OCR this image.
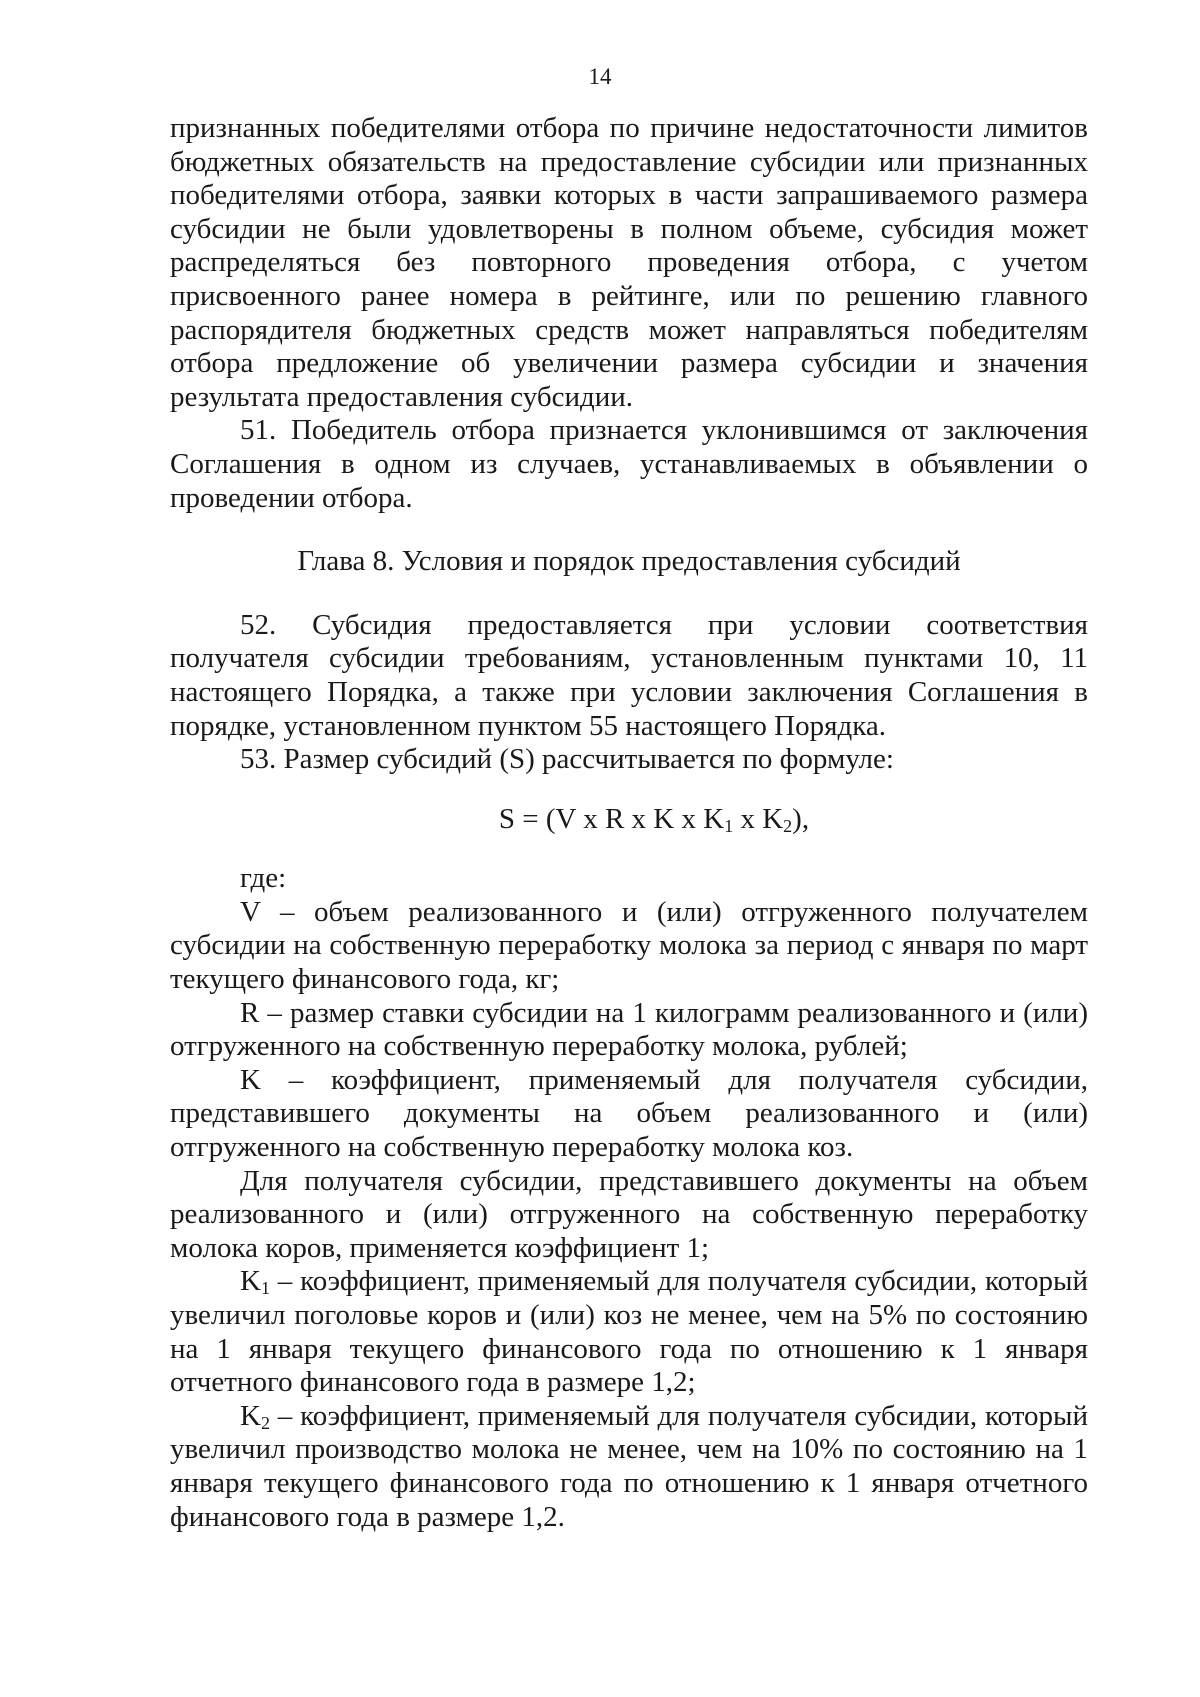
14

признанных победителями отбора по причине недостаточности лимитов бюджетных обязательств на предоставление субсидии или признанных победителями отбора, заявки которых в части запрашиваемого размера субсидии не были удовлетворены в полном объеме, субсидия может распределяться без повторного проведения отбора, с учетом присвоенного ранее номера в рейтинге, или по решению главного распорядителя бюджетных средств может направляться победителям отбора предложение об увеличении размера субсидии и значения результата предоставления субсидии.

51. Победитель отбора признается уклонившимся от заключения Соглашения в одном из случаев, устанавливаемых в объявлении о проведении отбора.

Глава 8. Условия и порядок предоставления субсидий

52. Субсидия предоставляется при условии соответствия получателя субсидии требованиям, установленным пунктами 10, 11 настоящего Порядка, а также при условии заключения Соглашения в порядке, установленном пунктом 55 настоящего Порядка.

53. Размер субсидий (S) рассчитывается по формуле:

S = (V x R x K x $K_1$ x $K_2$),

где:

V – объем реализованного и (или) отгруженного получателем субсидии на собственную переработку молока за период с января по март текущего финансового года, кг;

R – размер ставки субсидии на 1 килограмм реализованного и (или) отгруженного на собственную переработку молока, рублей;

K – коэффициент, применяемый для получателя субсидии, представившего документы на объем реализованного и (или) отгруженного на собственную переработку молока коз.

Для получателя субсидии, представившего документы на объем реализованного и (или) отгруженного на собственную переработку молока коров, применяется коэффициент 1;

$K_1$ – коэффициент, применяемый для получателя субсидии, который увеличил поголовье коров и (или) коз не менее, чем на 5% по состоянию на 1 января текущего финансового года по отношению к 1 января отчетного финансового года в размере 1,2;

$K_2$ – коэффициент, применяемый для получателя субсидии, который увеличил производство молока не менее, чем на 10% по состоянию на 1 января текущего финансового года по отношению к 1 января отчетного финансового года в размере 1,2.
